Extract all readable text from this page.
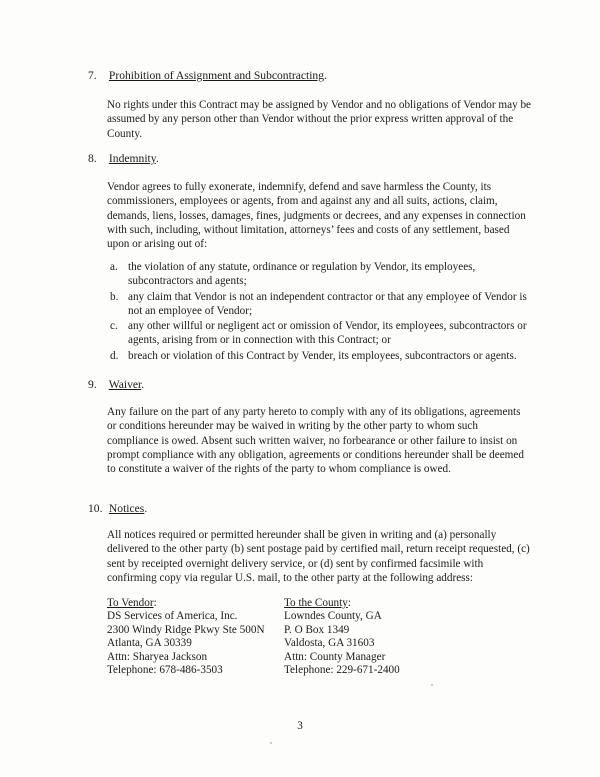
7. Prohibition of Assignment and Subcontracting.
No rights under this Contract may be assigned by Vendor and no obligations of Vendor may be assumed by any person other than Vendor without the prior express written approval of the County.
8. Indemnity.
Vendor agrees to fully exonerate, indemnify, defend and save harmless the County, its commissioners, employees or agents, from and against any and all suits, actions, claim, demands, liens, losses, damages, fines, judgments or decrees, and any expenses in connection with such, including, without limitation, attorneys’ fees and costs of any settlement, based upon or arising out of:
a. the violation of any statute, ordinance or regulation by Vendor, its employees, subcontractors and agents;
b. any claim that Vendor is not an independent contractor or that any employee of Vendor is not an employee of Vendor;
c. any other willful or negligent act or omission of Vendor, its employees, subcontractors or agents, arising from or in connection with this Contract; or
d. breach or violation of this Contract by Vender, its employees, subcontractors or agents.
9. Waiver.
Any failure on the part of any party hereto to comply with any of its obligations, agreements or conditions hereunder may be waived in writing by the other party to whom such compliance is owed. Absent such written waiver, no forbearance or other failure to insist on prompt compliance with any obligation, agreements or conditions hereunder shall be deemed to constitute a waiver of the rights of the party to whom compliance is owed.
10. Notices.
All notices required or permitted hereunder shall be given in writing and (a) personally delivered to the other party (b) sent postage paid by certified mail, return receipt requested, (c) sent by receipted overnight delivery service, or (d) sent by confirmed facsimile with confirming copy via regular U.S. mail, to the other party at the following address:
To Vendor:
DS Services of America, Inc.
2300 Windy Ridge Pkwy Ste 500N
Atlanta, GA 30339
Attn: Sharyea Jackson
Telephone: 678-486-3503
To the County:
Lowndes County, GA
P. O Box 1349
Valdosta, GA 31603
Attn: County Manager
Telephone: 229-671-2400
3
